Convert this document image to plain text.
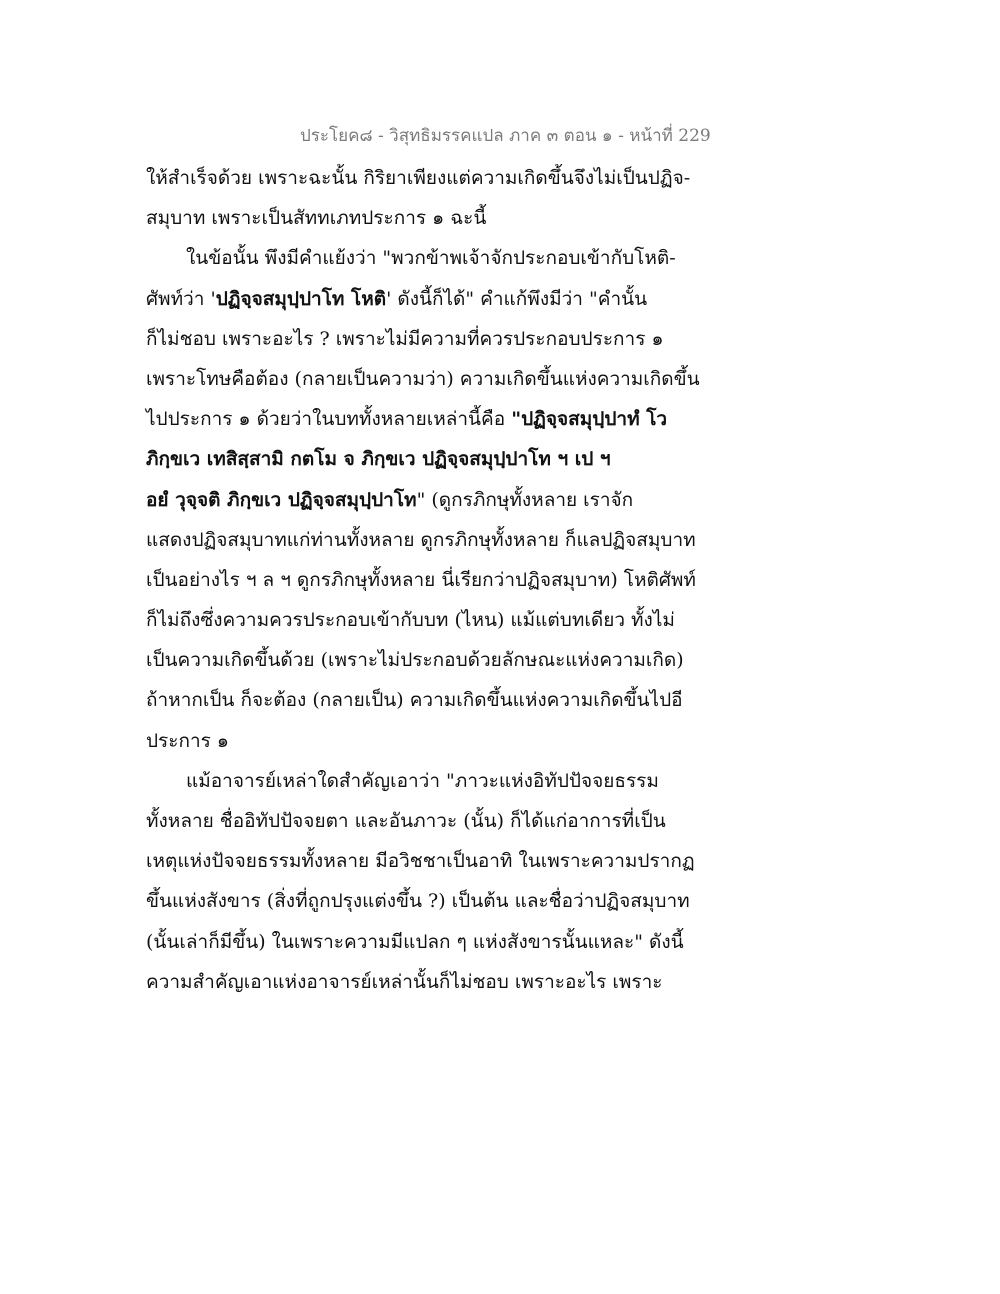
ประโยค๘ - วิสุทธิมรรคแปล ภาค ๓ ตอน ๑ - หน้าที่ 229
ให้สำเร็จด้วย เพราะฉะนั้น กิริยาเพียงแต่ความเกิดขึ้นจึงไม่เป็นปฏิจ-
สมุบาท เพราะเป็นสัททเภทประการ ๑ ฉะนี้
ในข้อนั้น พึงมีคำแย้งว่า "พวกข้าพเจ้าจักประกอบเข้ากับโหติ-
ศัพท์ว่า 'ปฏิจฺจสมุปฺปาโท โหติ' ดังนี้ก็ได้" คำแก้พึงมีว่า "คำนั้น
ก็ไม่ชอบ เพราะอะไร ? เพราะไม่มีความที่ควรประกอบประการ ๑
เพราะโทษคือต้อง (กลายเป็นความว่า) ความเกิดขึ้นแห่งความเกิดขึ้น
ไปประการ ๑ ด้วยว่าในบททั้งหลายเหล่านี้คือ "ปฏิจฺจสมุปฺปาทํ โว
ภิกฺขเว เทสิสฺสามิ กตโม จ ภิกฺขเว ปฏิจฺจสมุปฺปาโท ฯ เป ฯ
อยํ วุจฺจติ ภิกฺขเว ปฏิจฺจสมุปฺปาโท" (ดูกรภิกษุทั้งหลาย เราจัก
แสดงปฏิจสมุบาทแก่ท่านทั้งหลาย ดูกรภิกษุทั้งหลาย ก็แลปฏิจสมุบาท
เป็นอย่างไร ฯ ล ฯ ดูกรภิกษุทั้งหลาย นี่เรียกว่าปฏิจสมุบาท) โหติศัพท์
ก็ไม่ถึงซึ่งความควรประกอบเข้ากับบท (ไหน) แม้แต่บทเดียว ทั้งไม่
เป็นความเกิดขึ้นด้วย (เพราะไม่ประกอบด้วยลักษณะแห่งความเกิด)
ถ้าหากเป็น ก็จะต้อง (กลายเป็น) ความเกิดขึ้นแห่งความเกิดขึ้นไปอี
ประการ ๑
แม้อาจารย์เหล่าใดสำคัญเอาว่า "ภาวะแห่งอิทัปปัจจยธรรม
ทั้งหลาย ชื่ออิทัปปัจจยตา และอันภาวะ (นั้น) ก็ได้แก่อาการที่เป็น
เหตุแห่งปัจจยธรรมทั้งหลาย มีอวิชชาเป็นอาทิ ในเพราะความปรากฏ
ขึ้นแห่งสังขาร (สิ่งที่ถูกปรุงแต่งขึ้น ?) เป็นต้น และชื่อว่าปฏิจสมุบาท
(นั้นเล่าก็มีขึ้น) ในเพราะความมีแปลก ๆ แห่งสังขารนั้นแหละ" ดังนี้
ความสำคัญเอาแห่งอาจารย์เหล่านั้นก็ไม่ชอบ เพราะอะไร เพราะ
